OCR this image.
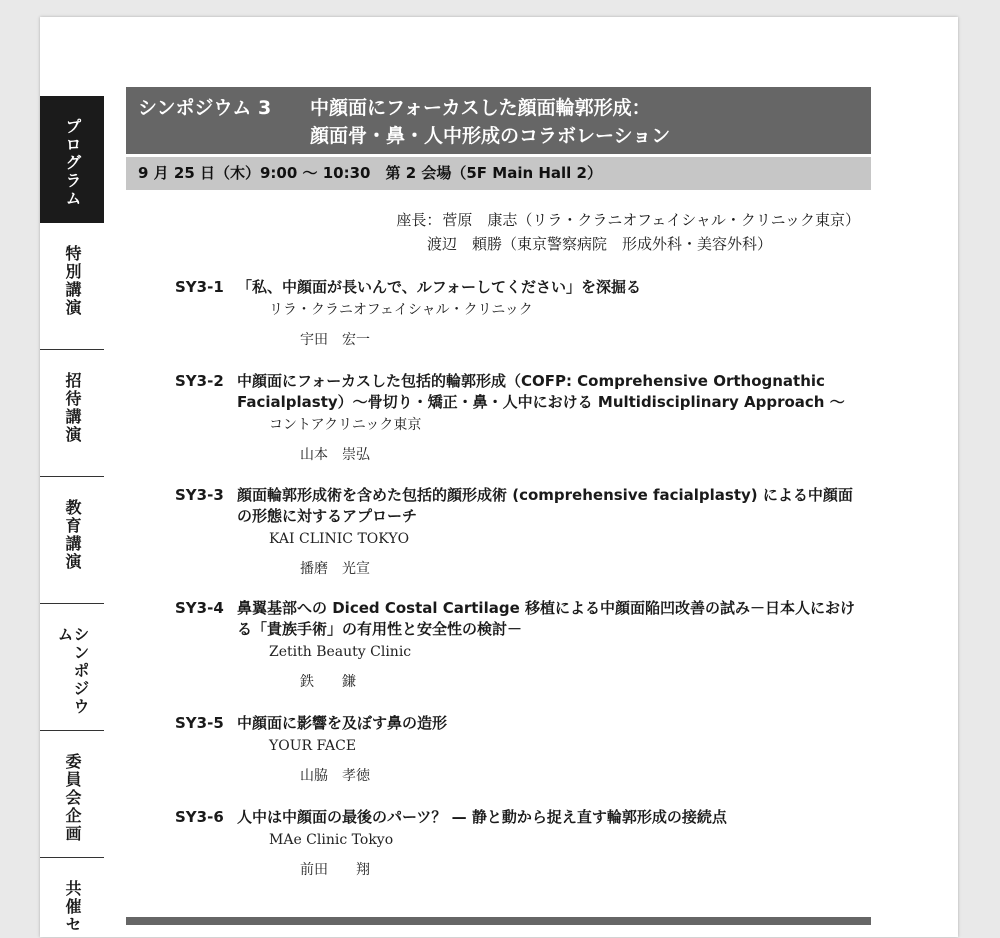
プログラム
特別講演
招待講演
教育講演
シンポジウム
委員会企画
共催セ
シンポジウム 3	中顔面にフォーカスした顔面輪郭形成：
顔面骨・鼻・人中形成のコラボレーション
9 月 25 日（木）9:00 ～ 10:30　第 2 会場（5F Main Hall 2）
座長： 菅原　康志（リラ・クラニオフェイシャル・クリニック東京）
渡辺　頼勝（東京警察病院　形成外科・美容外科）
SY3-1 「私、中顔面が長いんで、ルフォーしてください」を深掘る
リラ・クラニオフェイシャル・クリニック
宇田　宏一
SY3-2 中顔面にフォーカスした包括的輪郭形成（COFP: Comprehensive Orthognathic Facialplasty）～骨切り・矯正・鼻・人中における Multidisciplinary Approach ～
コントアクリニック東京
山本　崇弘
SY3-3 顔面輪郭形成術を含めた包括的顔形成術 (comprehensive facialplasty) による中顔面の形態に対するアプローチ
KAI CLINIC TOKYO
播磨　光宣
SY3-4 鼻翼基部への Diced Costal Cartilage 移植による中顔面陥凹改善の試み－日本人における「貴族手術」の有用性と安全性の検討－
Zetith Beauty Clinic
鉄　　鎌
SY3-5 中顔面に影響を及ぼす鼻の造形
YOUR FACE
山脇　孝徳
SY3-6 人中は中顔面の最後のパーツ？ — 静と動から捉え直す輪郭形成の接続点
MAe Clinic Tokyo
前田　　翔
